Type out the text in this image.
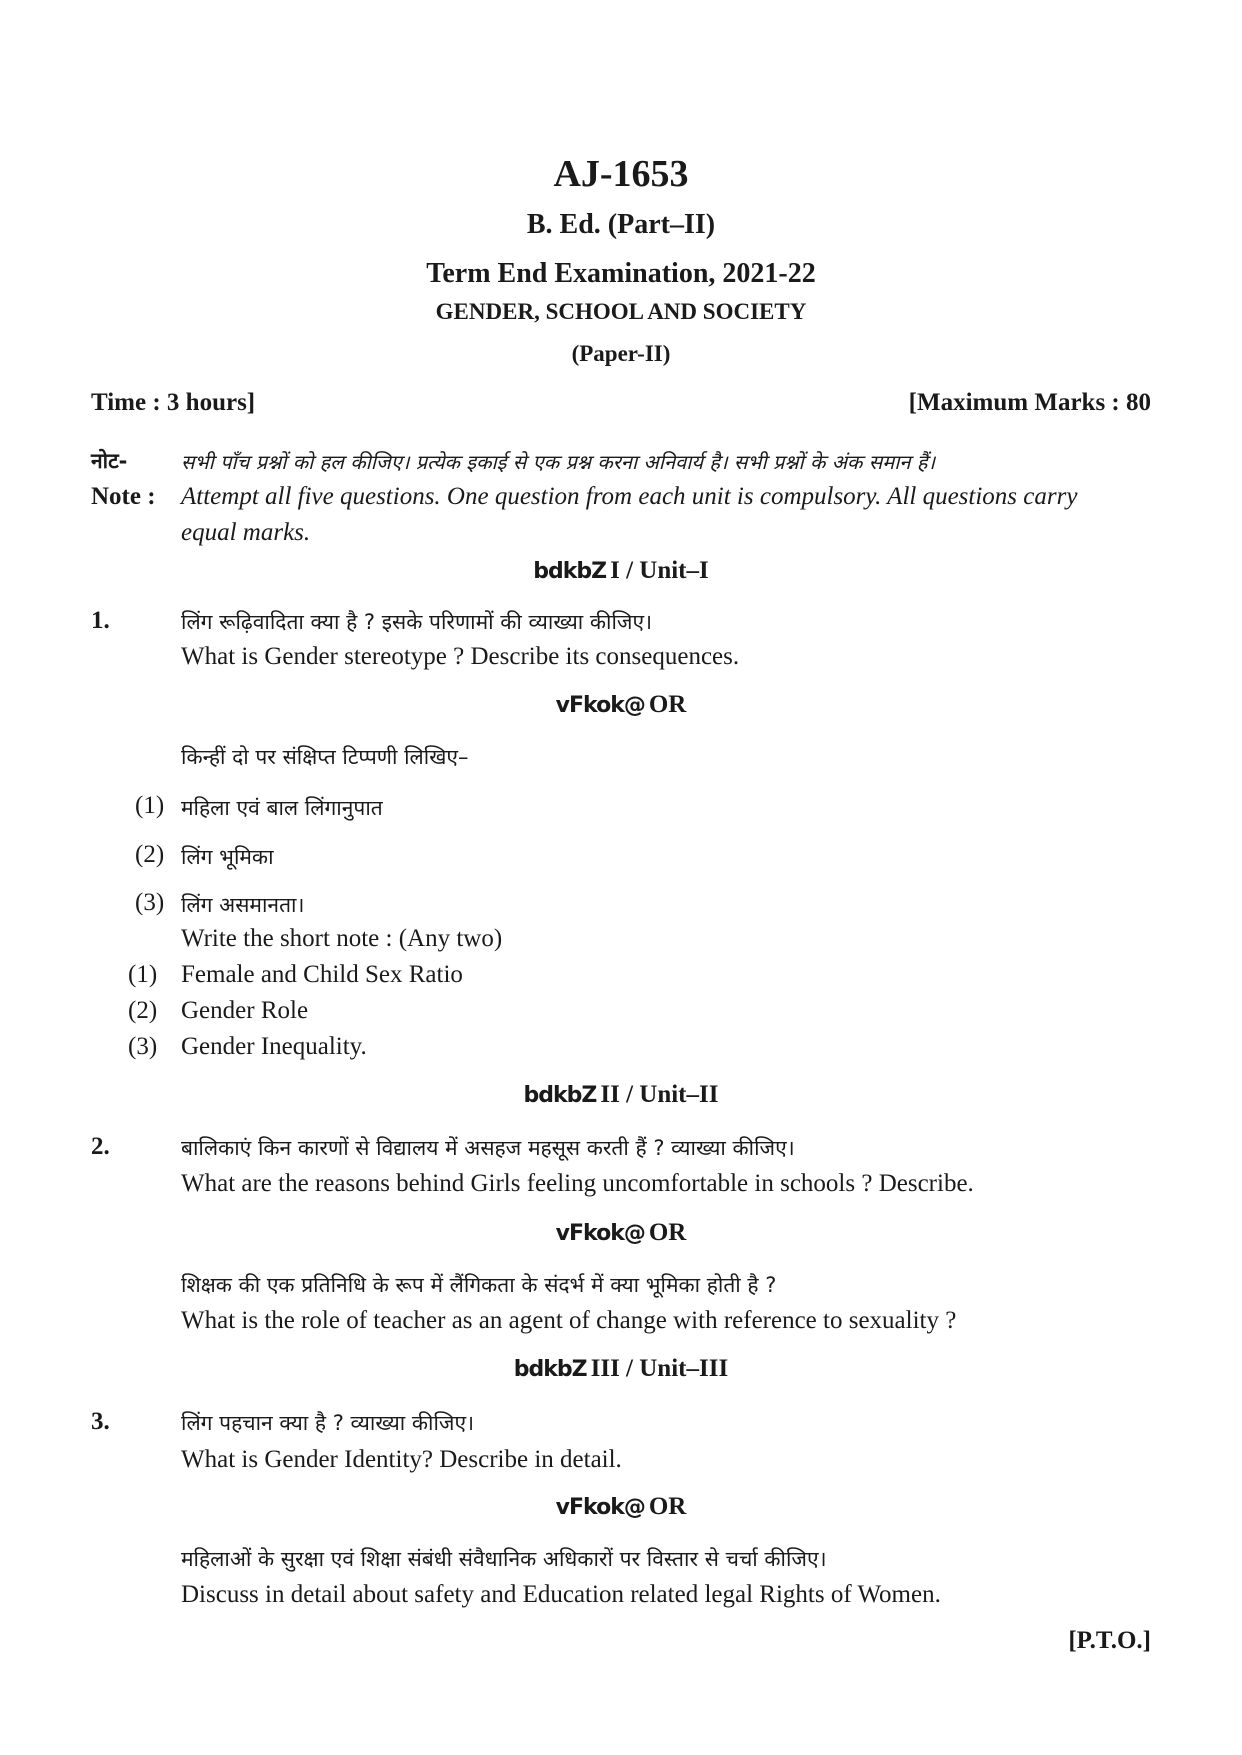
AJ-1653
B. Ed. (Part–II)
Term End Examination, 2021-22
GENDER, SCHOOL AND SOCIETY
(Paper-II)
Time : 3 hours]	[Maximum Marks : 80
नोट-	सभी पाँच प्रश्नों को हल कीजिए। प्रत्येक इकाई से एक प्रश्न करना अनिवार्य है। सभी प्रश्नों के अंक समान हैं।
Note : Attempt all five questions. One question from each unit is compulsory. All questions carry
equal marks.
bdkbZ I / Unit–I
1.	लिंग रूढ़िवादिता क्या है ? इसके परिणामों की व्याख्या कीजिए।
What is Gender stereotype ? Describe its consequences.
vFkok@ OR
किन्हीं दो पर संक्षिप्त टिप्पणी लिखिए–
(1) महिला एवं बाल लिंगानुपात
(2) लिंग भूमिका
(3) लिंग असमानता।
Write the short note : (Any two)
(1) Female and Child Sex Ratio
(2) Gender Role
(3) Gender Inequality.
bdkbZ II / Unit–II
2.	बालिकाएं किन कारणों से विद्यालय में असहज महसूस करती हैं ? व्याख्या कीजिए।
What are the reasons behind Girls feeling uncomfortable in schools ? Describe.
vFkok@ OR
शिक्षक की एक प्रतिनिधि के रूप में लैंगिकता के संदर्भ में क्या भूमिका होती है ?
What is the role of teacher as an agent of change with reference to sexuality ?
bdkbZ III / Unit–III
3.	लिंग पहचान क्या है ? व्याख्या कीजिए।
What is Gender Identity? Describe in detail.
vFkok@ OR
महिलाओं के सुरक्षा एवं शिक्षा संबंधी संवैधानिक अधिकारों पर विस्तार से चर्चा कीजिए।
Discuss in detail about safety and Education related legal Rights of Women.
[P.T.O.]
